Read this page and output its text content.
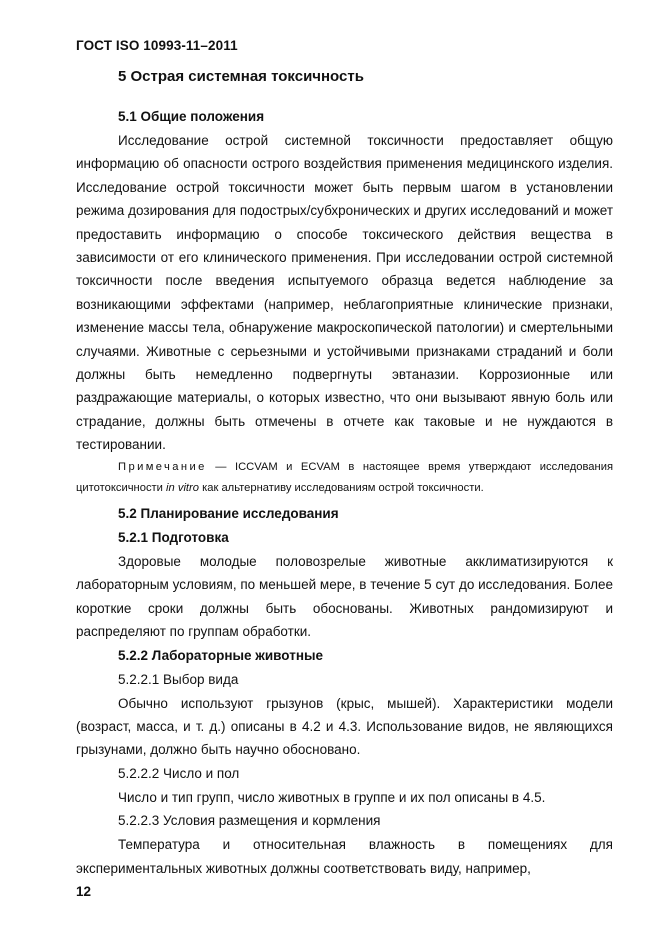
ГОСТ ISO 10993-11–2011
5 Острая системная токсичность
5.1 Общие положения

Исследование острой системной токсичности предоставляет общую информацию об опасности острого воздействия применения медицинского изделия. Исследование острой токсичности может быть первым шагом в установлении режима дозирования для подострых/субхронических и других исследований и может предоставить информацию о способе токсического действия вещества в зависимости от его клинического применения. При исследовании острой системной токсичности после введения испытуемого образца ведется наблюдение за возникающими эффектами (например, неблагоприятные клинические признаки, изменение массы тела, обнаружение макроскопической патологии) и смертельными случаями. Животные с серьезными и устойчивыми признаками страданий и боли должны быть немедленно подвергнуты эвтаназии. Коррозионные или раздражающие материалы, о которых известно, что они вызывают явную боль или страдание, должны быть отмечены в отчете как таковые и не нуждаются в тестировании.

Примечание — ICCVAM и ECVAM в настоящее время утверждают исследования цитотоксичности in vitro как альтернативу исследованиям острой токсичности.

5.2 Планирование исследования
5.2.1 Подготовка

Здоровые молодые половозрелые животные акклиматизируются к лабораторным условиям, по меньшей мере, в течение 5 сут до исследования. Более короткие сроки должны быть обоснованы. Животных рандомизируют и распределяют по группам обработки.

5.2.2 Лабораторные животные
5.2.2.1 Выбор вида

Обычно используют грызунов (крыс, мышей). Характеристики модели (возраст, масса, и т. д.) описаны в 4.2 и 4.3. Использование видов, не являющихся грызунами, должно быть научно обосновано.

5.2.2.2 Число и пол

Число и тип групп, число животных в группе и их пол описаны в 4.5.

5.2.2.3 Условия размещения и кормления

Температура и относительная влажность в помещениях для экспериментальных животных должны соответствовать виду, например,

12
